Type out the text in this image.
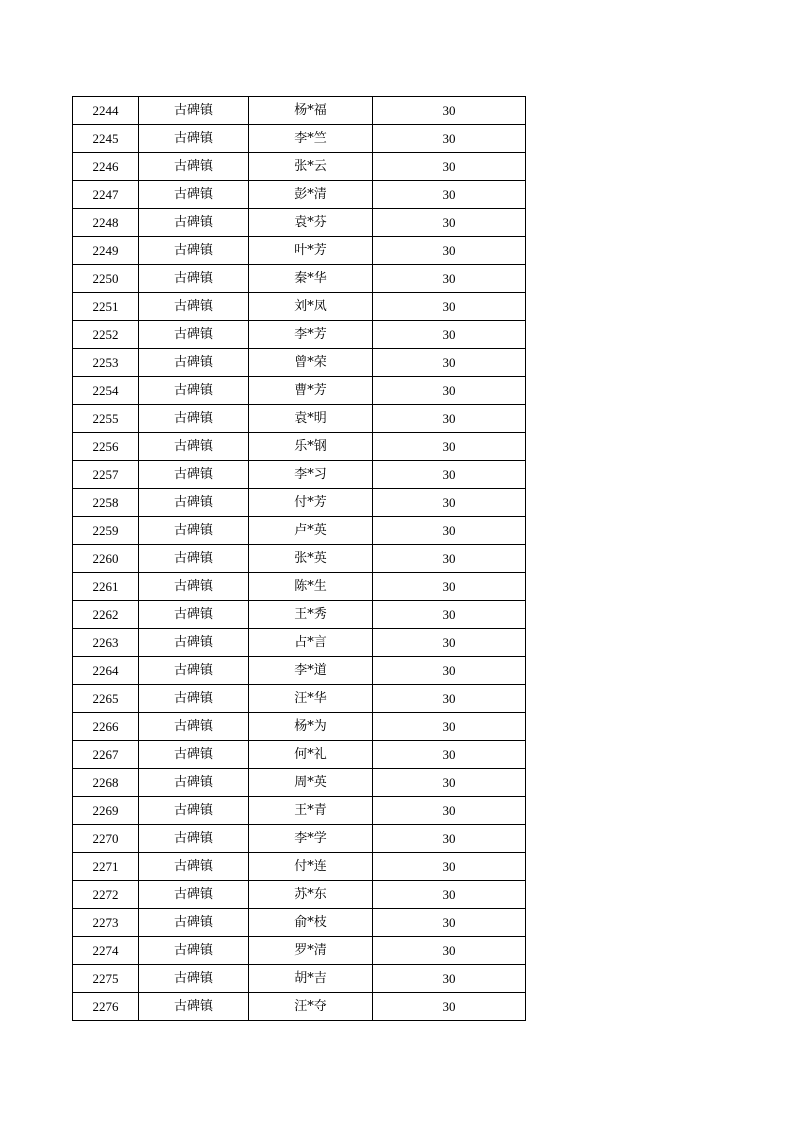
2244	古碑镇	杨*福	30
2245	古碑镇	李*竺	30
2246	古碑镇	张*云	30
2247	古碑镇	彭*清	30
2248	古碑镇	袁*芬	30
2249	古碑镇	叶*芳	30
2250	古碑镇	秦*华	30
2251	古碑镇	刘*凤	30
2252	古碑镇	李*芳	30
2253	古碑镇	曾*荣	30
2254	古碑镇	曹*芳	30
2255	古碑镇	袁*明	30
2256	古碑镇	乐*钢	30
2257	古碑镇	李*习	30
2258	古碑镇	付*芳	30
2259	古碑镇	卢*英	30
2260	古碑镇	张*英	30
2261	古碑镇	陈*生	30
2262	古碑镇	王*秀	30
2263	古碑镇	占*言	30
2264	古碑镇	李*道	30
2265	古碑镇	汪*华	30
2266	古碑镇	杨*为	30
2267	古碑镇	何*礼	30
2268	古碑镇	周*英	30
2269	古碑镇	王*青	30
2270	古碑镇	李*学	30
2271	古碑镇	付*连	30
2272	古碑镇	苏*东	30
2273	古碑镇	俞*枝	30
2274	古碑镇	罗*清	30
2275	古碑镇	胡*吉	30
2276	古碑镇	汪*夺	30
